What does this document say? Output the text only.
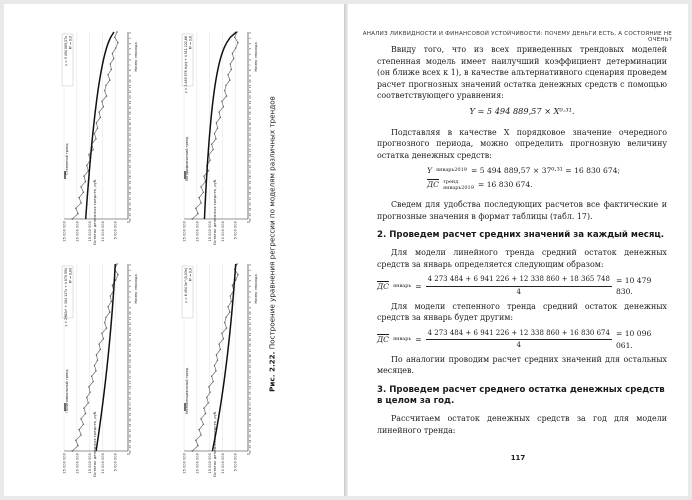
0
5 000 000
10 000 000
15 000 000
20 000 000
25 000 000
1
2
3
4
5
6
7
8
9
10
11
12
13
14
15
16
17
18
19
20
21
22
23
24
25
26
27
28
29
30
31
32
33
34
35
36
Номер периода
Остаток денежных средств, руб.
y = 5 494 889,57x R² = 0,0
Степенной тренд
0
5 000 000
10 000 000
15 000 000
20 000 000
25 000 000
1
2
3
4
5
6
7
8
9
10
11
12
13
14
15
16
17
18
19
20
21
22
23
24
25
26
27
28
29
30
31
32
33
34
35
36
Номер периода
Остаток денежных средств, руб.
y = 3 489 978 ln(x) + 4 511 122,66 R² = 0,6
Логарифмический тренд
0
5 000 000
10 000 000
15 000 000
20 000 000
25 000 000
1
2
3
4
5
6
7
8
9
10
11
12
13
14
15
16
17
18
19
20
21
22
23
24
25
26
27
28
29
30
31
32
33
34
35
36
Номер периода
Остаток денежных средств, руб.
y = 2962x² + 104 117x + 4 870 994 R² = 0,89
Полиномиальный тренд
0
5 000 000
10 000 000
15 000 000
20 000 000
25 000 000
1
2
3
4
5
6
7
8
9
10
11
12
13
14
15
16
17
18
19
20
21
22
23
24
25
26
27
28
29
30
31
32
33
34
35
36
Номер периода
Остаток денежных средств, руб.
y = 6 494 5e^(0,03x) R² = 0,9
Экспоненциальный тренд	Рис. 2.22. Построение уравнения регрессии по моделям различных трендов
АНАЛИЗ ЛИКВИДНОСТИ И ФИНАНСОВОЙ УСТОЙЧИВОСТИ: ПОЧЕМУ ДЕНЬГИ ЕСТЬ, А СОСТОЯНИЕ НЕ ОЧЕНЬ?

Ввиду того, что из всех приведенных трендовых моделей степенная модель имеет наилучший коэффициент детерминации (он ближе всех к 1), в качестве альтернативного сценария проведем расчет прогнозных значений остатка денежных средств с помощью соответствующего уравнения:

Y = 5 494 889,57 × X⁰·³¹.

Подставляя в качестве X порядковое значение очередного прогнозного периода, можно определить прогнозную величину остатка денежных средств:

Y январь2019 = 5 494 889,57 × 37⁰·³¹ = 16 830 674;
ДС тренд
январь2019 = 16 830 674.

Сведем для удобства последующих расчетов все фактические и прогнозные значения в формат таблицы (табл. 17).

2. Проведем расчет средних значений за каждый месяц.

Для модели линейного тренда средний остаток денежных средств за январь определяется следующим образом:

ДС январь = $\frac{4 273 484 + 6 941 226 + 12 338 860 + 18 365 748}{4} = 10$ 479 830.

Для модели степенного тренда средний остаток денежных средств за январь будет другим:

ДС январь = $\frac{4 273 484 + 6 941 226 + 12 338 860 + 16 830 674}{4} = 10$ 096 061.

По аналогии проводим расчет средних значений для остальных месяцев.

3. Проведем расчет среднего остатка денежных средств в целом за год.

Рассчитаем остаток денежных средств за год для модели линейного тренда:

117
